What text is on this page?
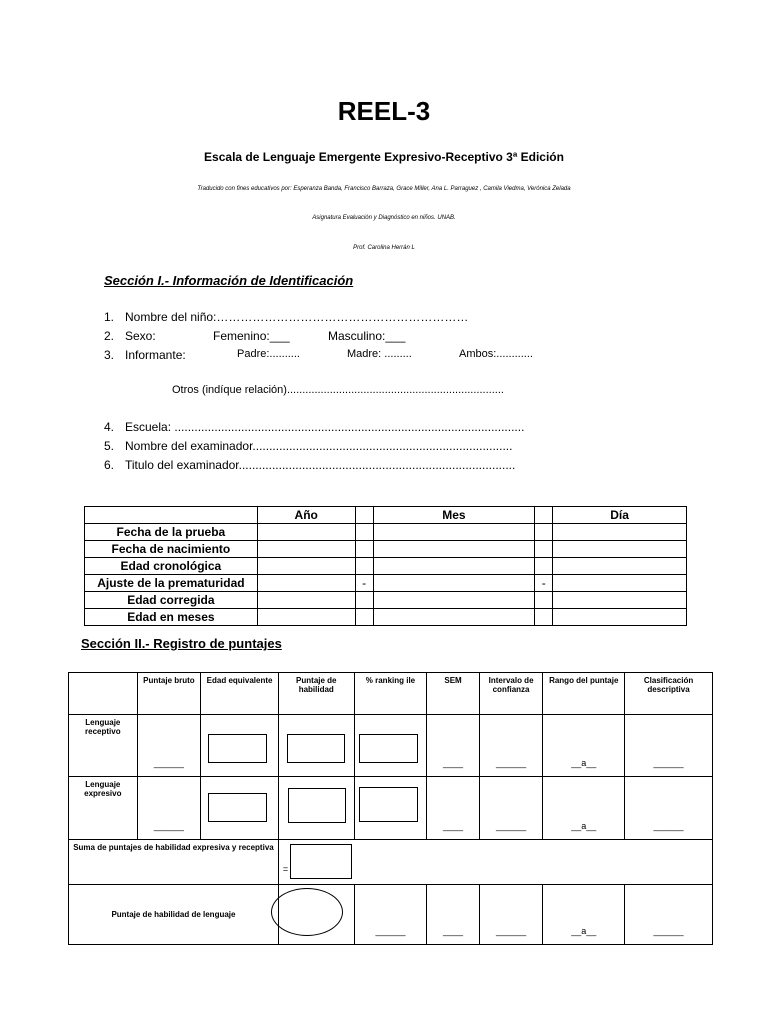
REEL-3
Escala de Lenguaje Emergente Expresivo-Receptivo 3ª Edición
Traducido con fines educativos por: Esperanza Banda, Francisco Barraza, Grace Miller, Ana L. Parraguez , Camila Viedma, Verónica Zelada
Asignatura Evaluación y Diagnóstico en niños. UNAB.
Prof. Carolina Herrán L
Sección I.- Información de Identificación
1. Nombre del niño:………………………………………………………
2. Sexo:	Femenino:___	Masculino:___
3. Informante:	Padre:..........	Madre: .........	Ambos:............
Otros (indíque relación).......................................................................
4. Escuela: .........................................................................................................
5. Nombre del examinador..............................................................................
6. Titulo del examinador...................................................................................
	Año		Mes		Día
Fecha de la prueba					
Fecha de nacimiento					
Edad cronológica					
Ajuste de la prematuridad		-		-	
Edad corregida					
Edad en meses					
Sección II.- Registro de puntajes
	Puntaje bruto	Edad equivalente	Puntaje de habilidad	% ranking ile	SEM	Intervalo de confianza	Rango del puntaje	Clasificación descriptiva
Lenguaje receptivo	______				____	______	__a__	______

Lenguaje expresivo	______				____	______	__a__	______

Suma de puntajes de habilidad expresiva y receptiva			=					

Puntaje de habilidad de lenguaje				______	____	______	__a__	______
